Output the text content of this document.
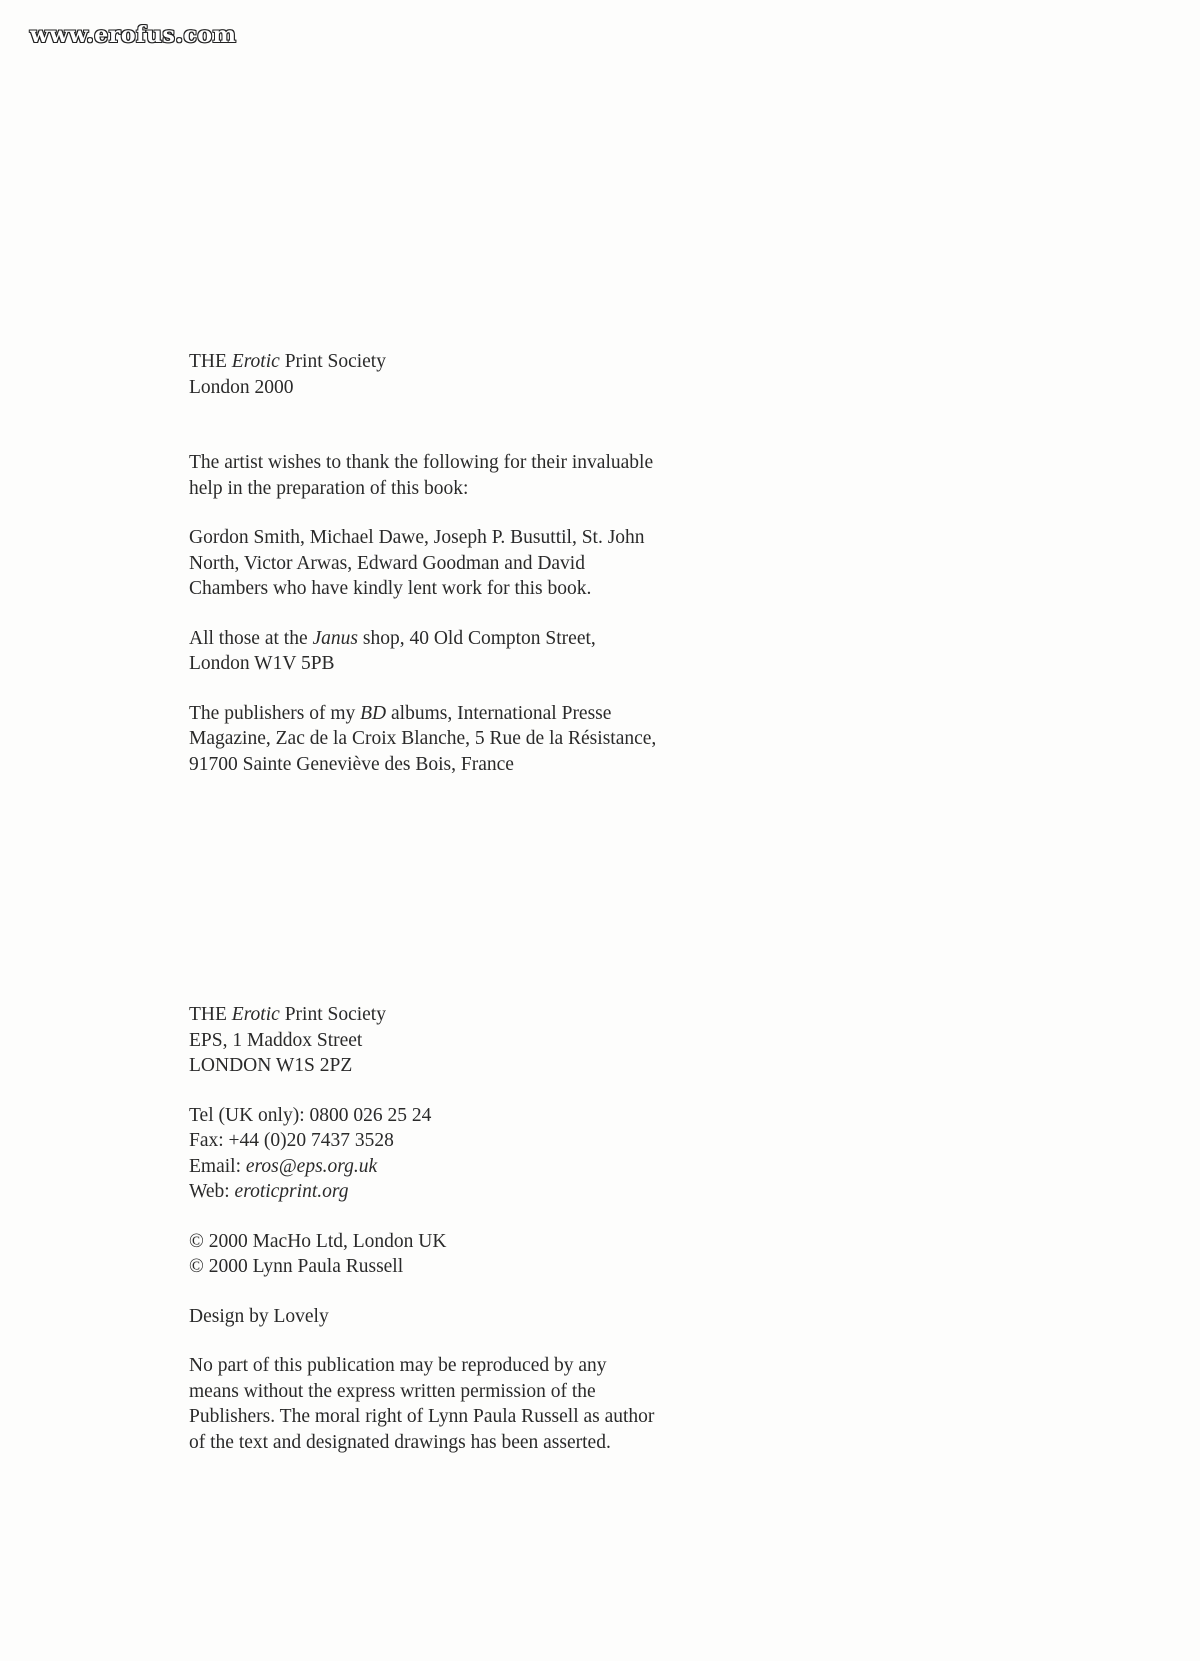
www.erofus.com

THE Erotic Print Society

London 2000

The artist wishes to thank the following for their invaluable help in the preparation of this book:

Gordon Smith, Michael Dawe, Joseph P. Busuttil, St. John North, Victor Arwas, Edward Goodman and David Chambers who have kindly lent work for this book.

All those at the Janus shop, 40 Old Compton Street, London W1V 5PB

The publishers of my BD albums, International Presse Magazine, Zac de la Croix Blanche, 5 Rue de la Résistance, 91700 Sainte Geneviève des Bois, France

THE Erotic Print Society
EPS, 1 Maddox Street
LONDON W1S 2PZ

Tel (UK only): 0800 026 25 24
Fax: +44 (0)20 7437 3528
Email: eros@eps.org.uk
Web: eroticprint.org

© 2000 MacHo Ltd, London UK
© 2000 Lynn Paula Russell

Design by Lovely

No part of this publication may be reproduced by any means without the express written permission of the Publishers. The moral right of Lynn Paula Russell as author of the text and designated drawings has been asserted.
